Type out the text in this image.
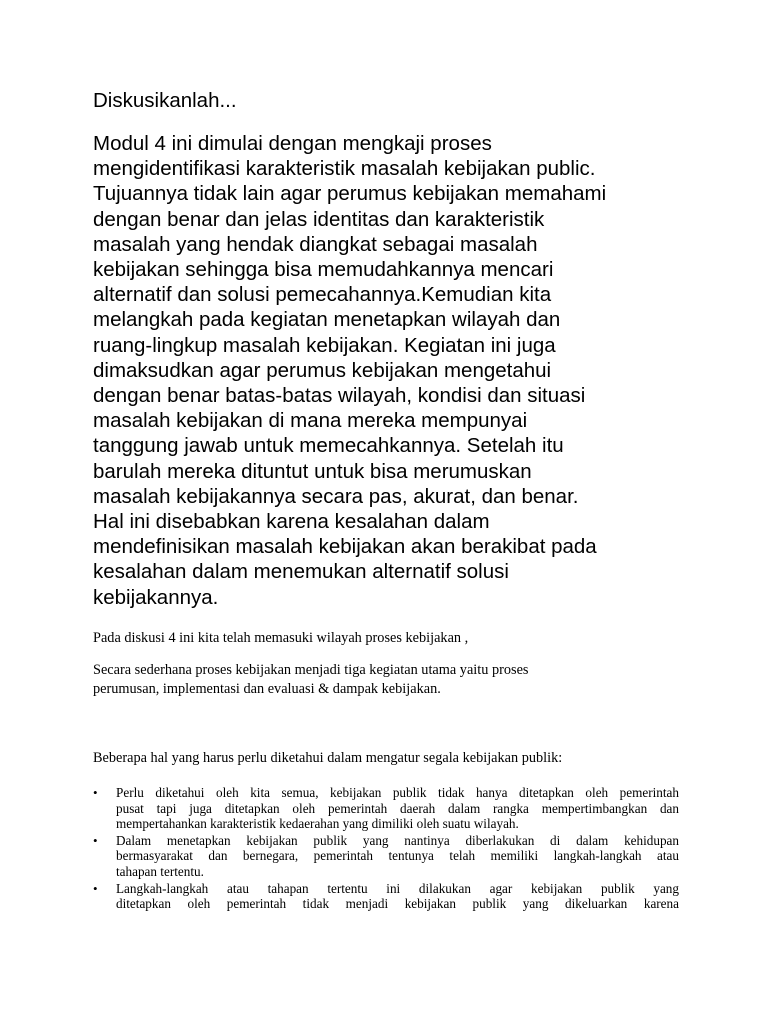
Diskusikanlah...

Modul 4 ini dimulai dengan mengkaji proses
mengidentifikasi karakteristik masalah kebijakan public.
Tujuannya tidak lain agar perumus kebijakan memahami
dengan benar dan jelas identitas dan karakteristik
masalah yang hendak diangkat sebagai masalah
kebijakan sehingga bisa memudahkannya mencari
alternatif dan solusi pemecahannya.Kemudian kita
melangkah pada kegiatan menetapkan wilayah dan
ruang-lingkup masalah kebijakan. Kegiatan ini juga
dimaksudkan agar perumus kebijakan mengetahui
dengan benar batas-batas wilayah, kondisi dan situasi
masalah kebijakan di mana mereka mempunyai
tanggung jawab untuk memecahkannya. Setelah itu
barulah mereka dituntut untuk bisa merumuskan
masalah kebijakannya secara pas, akurat, dan benar.
Hal ini disebabkan karena kesalahan dalam
mendefinisikan masalah kebijakan akan berakibat pada
kesalahan dalam menemukan alternatif solusi
kebijakannya.

Pada diskusi 4 ini kita telah memasuki wilayah proses kebijakan ,

Secara sederhana proses kebijakan menjadi tiga kegiatan utama yaitu proses
perumusan, implementasi dan evaluasi & dampak kebijakan.

Beberapa hal yang harus perlu diketahui dalam mengatur segala kebijakan publik:

• Perlu diketahui oleh kita semua, kebijakan publik tidak hanya ditetapkan oleh pemerintah
pusat tapi juga ditetapkan oleh pemerintah daerah dalam rangka mempertimbangkan dan
mempertahankan karakteristik kedaerahan yang dimiliki oleh suatu wilayah.
• Dalam menetapkan kebijakan publik yang nantinya diberlakukan di dalam kehidupan
bermasyarakat dan bernegara, pemerintah tentunya telah memiliki langkah-langkah atau
tahapan tertentu.
• Langkah-langkah atau tahapan tertentu ini dilakukan agar kebijakan publik yang
ditetapkan oleh pemerintah tidak menjadi kebijakan publik yang dikeluarkan karena
